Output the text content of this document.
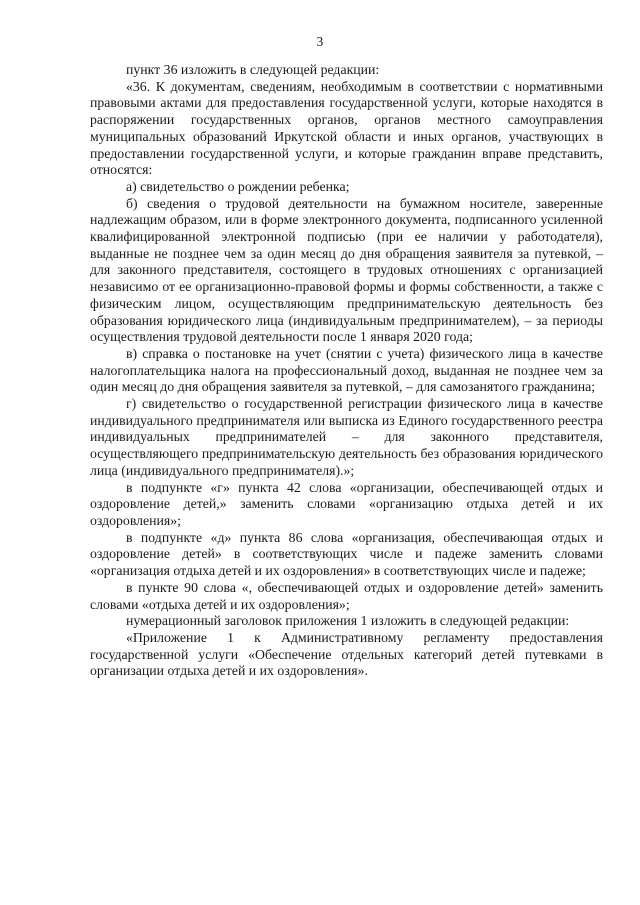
3

пункт 36 изложить в следующей редакции:

«36. К документам, сведениям, необходимым в соответствии с нормативными правовыми актами для предоставления государственной услуги, которые находятся в распоряжении государственных органов, органов местного самоуправления муниципальных образований Иркутской области и иных органов, участвующих в предоставлении государственной услуги, и которые гражданин вправе представить, относятся:

а) свидетельство о рождении ребенка;

б) сведения о трудовой деятельности на бумажном носителе, заверенные надлежащим образом, или в форме электронного документа, подписанного усиленной квалифицированной электронной подписью (при ее наличии у работодателя), выданные не позднее чем за один месяц до дня обращения заявителя за путевкой, – для законного представителя, состоящего в трудовых отношениях с организацией независимо от ее организационно-правовой формы и формы собственности, а также с физическим лицом, осуществляющим предпринимательскую деятельность без образования юридического лица (индивидуальным предпринимателем), – за периоды осуществления трудовой деятельности после 1 января 2020 года;

в) справка о постановке на учет (снятии с учета) физического лица в качестве налогоплательщика налога на профессиональный доход, выданная не позднее чем за один месяц до дня обращения заявителя за путевкой, – для самозанятого гражданина;

г) свидетельство о государственной регистрации физического лица в качестве индивидуального предпринимателя или выписка из Единого государственного реестра индивидуальных предпринимателей – для законного представителя, осуществляющего предпринимательскую деятельность без образования юридического лица (индивидуального предпринимателя).»;

в подпункте «г» пункта 42 слова «организации, обеспечивающей отдых и оздоровление детей,» заменить словами «организацию отдыха детей и их оздоровления»;

в подпункте «д» пункта 86 слова «организация, обеспечивающая отдых и оздоровление детей» в соответствующих числе и падеже заменить словами «организация отдыха детей и их оздоровления» в соответствующих числе и падеже;

в пункте 90 слова «, обеспечивающей отдых и оздоровление детей» заменить словами «отдыха детей и их оздоровления»;

нумерационный заголовок приложения 1 изложить в следующей редакции:

«Приложение 1 к Административному регламенту предоставления государственной услуги «Обеспечение отдельных категорий детей путевками в организации отдыха детей и их оздоровления».
